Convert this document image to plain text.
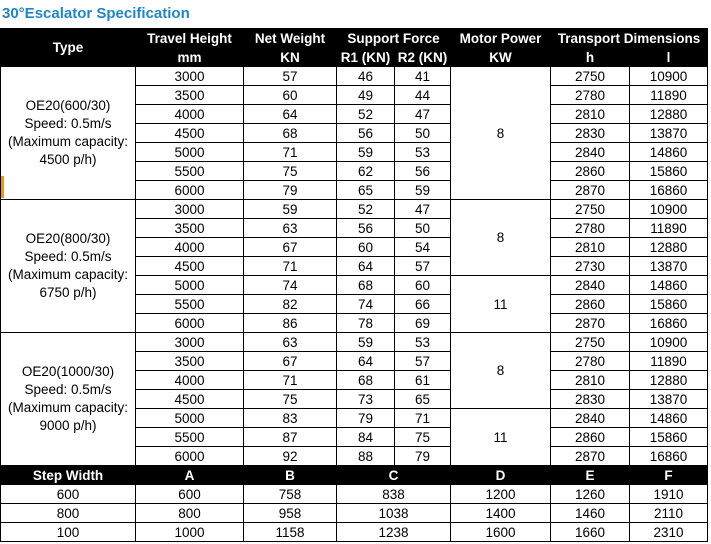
30°Escalator Specification
Type	Travel Height	Net Weight	Support Force		Motor Power	Transport Dimensions	
	mm	KN	R1 (KN)	R2 (KN)	KW	h	l

OE20(600/30)
Speed: 0.5m/s
(Maximum capacity:
4500 p/h)	3000	57	46	41	8	2750	10900
	3500	60	49	44		2780	11890
	4000	64	52	47		2810	12880
	4500	68	56	50		2830	13870
	5000	71	59	53		2840	14860
	5500	75	62	56		2860	15860
	6000	79	65	59		2870	16860

OE20(800/30)
Speed: 0.5m/s
(Maximum capacity:
6750 p/h)	3000	59	52	47	8	2750	10900
	3500	63	56	50		2780	11890
	4000	67	60	54		2810	12880
	4500	71	64	57		2730	13870
	5000	74	68	60	11	2840	14860
	5500	82	74	66		2860	15860
	6000	86	78	69		2870	16860

OE20(1000/30)
Speed: 0.5m/s
(Maximum capacity:
9000 p/h)	3000	63	59	53	8	2750	10900
	3500	67	64	57		2780	11890
	4000	71	68	61		2810	12880
	4500	75	73	65		2830	13870
	5000	83	79	71	11	2840	14860
	5500	87	84	75		2860	15860
	6000	92	88	79		2870	16860
Step Width	A	B	C		D	E	F
600	600	758	838		1200	1260	1910
800	800	958	1038		1400	1460	2110
100	1000	1158	1238		1600	1660	2310
